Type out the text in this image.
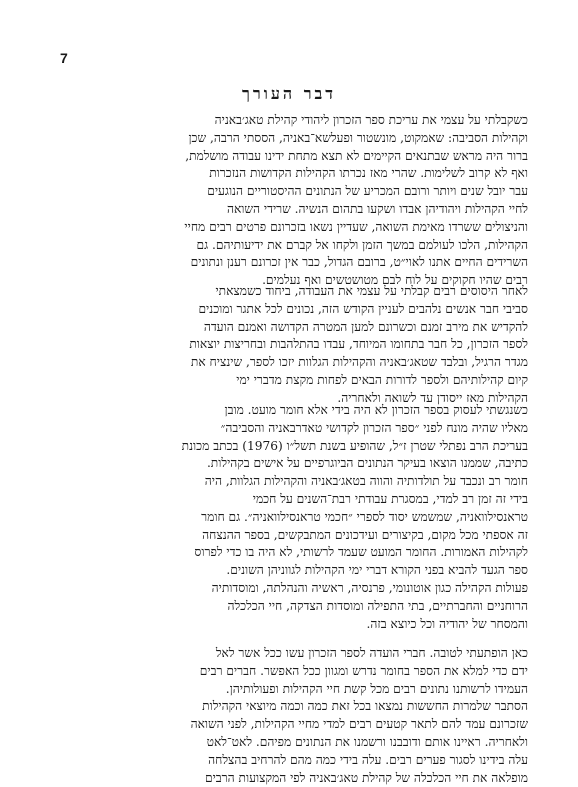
7
דבר העורך
כשקבלתי על עצמי את עריכת ספר הזכרון ליהודי קהילת טאג׳באניה
וקהילות הסביבה: שאמקוט, מונשטור ופעלשא־באניה, הססתי הרבה, שכן
ברור היה מראש שבתנאים הקיימים לא תצא מתחת ידינו עבודה מושלמת,
ואף לא קרוב לשלימות. שהרי מאז נכרתו הקהילות הקדושות הנזכרות
עבר יובל שנים ויותר ורובם המכריע של הנתונים ההיסטוריים הנוגעים
לחיי הקהילות ויהודיהן אבדו ושקעו בתהום הנשיה. שרידי השואה
והניצולים ששרדו מאימת השואה, שעדיין נשאו בזכרונם פרטים רבים מחיי
הקהילות, הלכו לעולמם במשך הזמן ולקחו אל קברם את ידיעותיהם. גם
השרידים החיים אתנו לאוי״ט, ברובם הגדול, כבר אין זכרונם רענן ונתונים
רבים שהיו חקוקים על לוח לבם מטושטשים ואף נעלמים.
לאחר היסוסים רבים קבלתי על עצמי את העבודה, ביחוד כשמצאתי
סביבי חבר אנשים נלהבים לעניין הקודש הזה, נכונים לכל אתגר ומוכנים
להקדיש את מירב זמנם וכשרונם למען המטרה הקדושה ואמנם הועדה
לספר הזכרון, כל חבר בתחומו המיוחד, עבדו בהתלהבות ובחריצות יוצאות
מגדר הרגיל, ובלבד שטאג׳באניה והקהילות הגלוות יזכו לספר, שינציח את
קיום קהילותיהם ולספר לדורות הבאים לפחות מקצת מדברי ימי
הקהילות מאז ייסודן עד לשואה ולאחריה.
כשנגשתי לעסוק בספר הזכרון לא היה בידי אלא חומר מועט. מובן
מאליו שהיה מונח לפני ״ספר הזכרון לקדושי טאדרבאניה והסביבה״
בעריכת הרב נפתלי שטרן ז״ל, שהופיע בשנת תשל״ו (1976) בכתב מכונת
כתיבה, שממנו הוצאו בעיקר הנתונים הביוגרפיים על אישים בקהילות.
חומר רב ונכבד על תולדותיה והווה בטאג׳באניה והקהילות הגלוות, היה
בידי זה זמן רב למדי, במסגרת עבודתי רבת־השנים על חכמי
טראנסילוואניה, שמשמש יסוד לספרי ״חכמי טראנסילוואניה״. גם חומר
זה אספתי מכל מקום, בקיצורים ועידכונים המתבקשים, בספר ההנצחה
לקהילות האמורות. החומר המועט שעמד לרשותי, לא היה בו כדי לפרוס
ספר הגעד להביא בפני הקורא דברי ימי הקהילות לגווניהן השונים.
פעולות הקהילה כגון אוטונומי, פרנסיה, ראשיה והנהלתה, ומוסדותיה
הרוחניים והחברתיים, בתי התפילה ומוסדות הצדקה, חיי הכלכלה
והמסחר של יהודיה וכל כיוצא בזה.
כאן הופתעתי לטובה. חברי הועדה לספר הזכרון עשו ככל אשר לאל
ידם כדי למלא את הספר בחומר נדרש ומגוון ככל האפשר. חברים רבים
העמידו לרשותנו נתונים רבים מכל קשת חיי הקהילות ופעולותיהן.
הסתבר שלמרות החששות נמצאו בכל זאת כמה וכמה מיוצאי הקהילות
שזכרונם עמד להם לתאר קטעים רבים למדי מחיי הקהילות, לפני השואה
ולאחריה. ראיינו אותם ודובבנו ורשמנו את הנתונים מפיהם. לאט־לאט
עלה בידינו לסגור פערים רבים. עלה בידי כמה מהם להרחיב בהצלחה
מופלאה את חיי הכלכלה של קהילת טאג׳באניה לפי המקצועות הרבים
